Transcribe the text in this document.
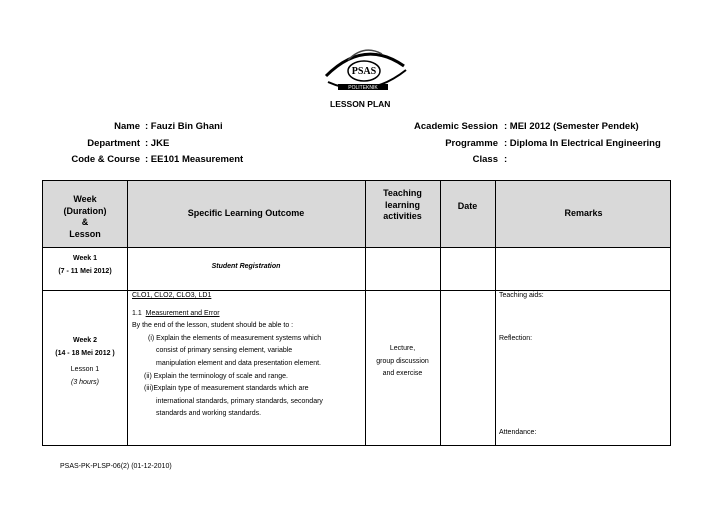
PSAS
POLITEKNIK
LESSON PLAN
Name : Fauzi Bin Ghani
Department : JKE
Code & Course : EE101 Measurement
Academic Session : MEI 2012 (Semester Pendek)
Programme : Diploma In Electrical Engineering
Class :
Week
(Duration)
&
Lesson
Specific Learning Outcome
Teaching
learning
activities
Date
Remarks
Week 1
(7 - 11 Mei 2012)
Student Registration
Week 2
(14 - 18 Mei 2012 )
Lesson 1
(3 hours)
CLO1, CLO2, CLO3, LD1
1.1 Measurement and Error
By the end of the lesson, student should be able to :
(i) Explain the elements of measurement systems which
consist of primary sensing element, variable
manipulation element and data presentation element.
(ii) Explain the terminology of scale and range.
(iii)Explain type of measurement standards which are
international standards, primary standards, secondary
standards and working standards.
Lecture,
group discussion
and exercise
Teaching aids:
Reflection:
Attendance:
PSAS-PK-PLSP-06(2) (01-12-2010)
